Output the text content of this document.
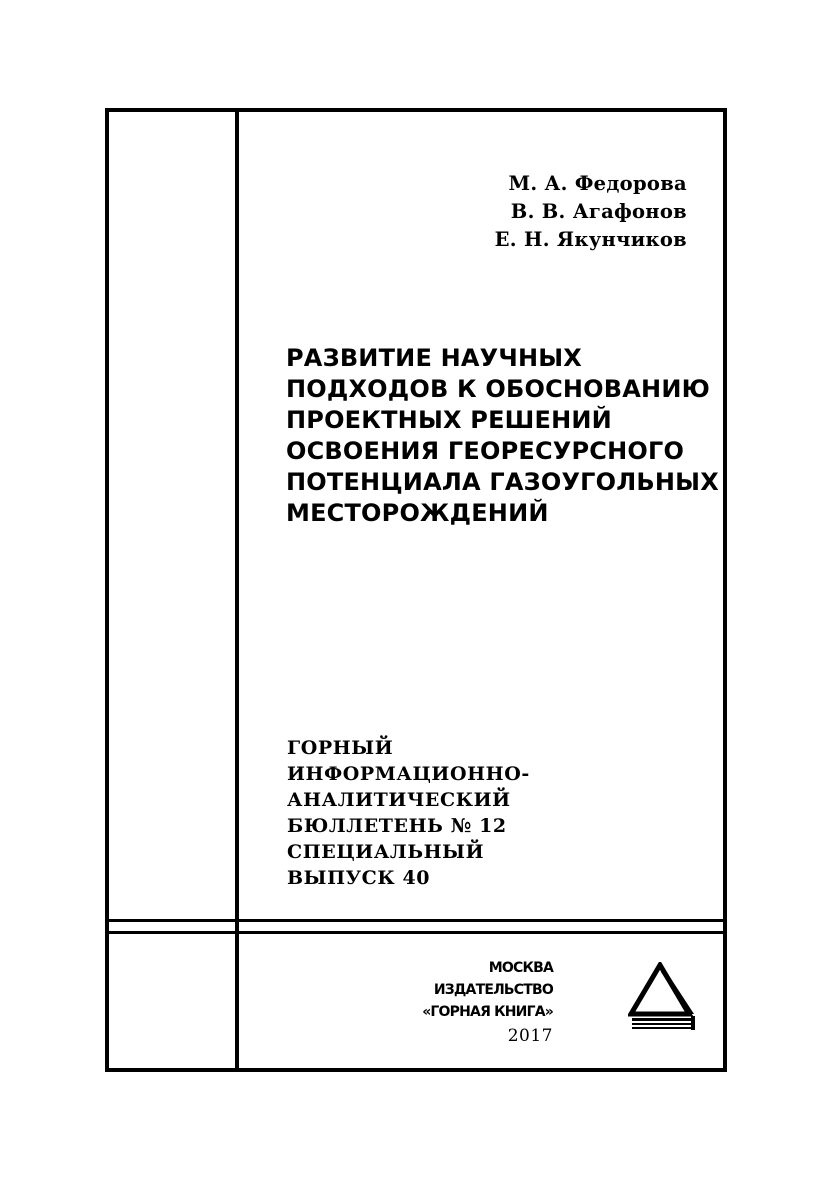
М. А. Федорова
В. В. Агафонов
Е. Н. Якунчиков
РАЗВИТИЕ НАУЧНЫХ
ПОДХОДОВ К ОБОСНОВАНИЮ
ПРОЕКТНЫХ РЕШЕНИЙ
ОСВОЕНИЯ ГЕОРЕСУРСНОГО
ПОТЕНЦИАЛА ГАЗОУГОЛЬНЫХ
МЕСТОРОЖДЕНИЙ
ГОРНЫЙ
ИНФОРМАЦИОННО-
АНАЛИТИЧЕСКИЙ
БЮЛЛЕТЕНЬ № 12
СПЕЦИАЛЬНЫЙ
ВЫПУСК 40
МОСКВА
ИЗДАТЕЛЬСТВО
«ГОРНАЯ КНИГА»
2017
